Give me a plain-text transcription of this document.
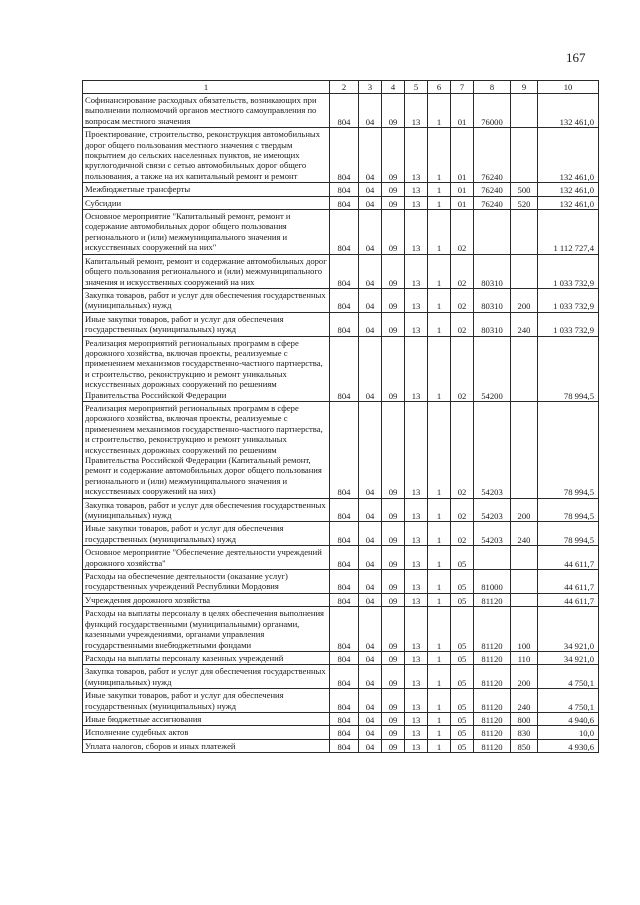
167
1	2	3	4	5	6	7	8	9	10
Софинансирование расходных обязательств, возникающих при выполнении полномочий органов местного самоуправления по вопросам местного значения	804	04	09	13	1	01	76000		132 461,0
Проектирование, строительство, реконструкция автомобильных дорог общего пользования местного значения с твердым покрытием до сельских населенных пунктов, не имеющих круглогодичной связи с сетью автомобильных дорог общего пользования, а также на их капитальный ремонт и ремонт	804	04	09	13	1	01	76240		132 461,0
Межбюджетные трансферты	804	04	09	13	1	01	76240	500	132 461,0
Субсидии	804	04	09	13	1	01	76240	520	132 461,0
Основное мероприятие "Капитальный ремонт, ремонт и содержание автомобильных дорог общего пользования регионального и (или) межмуниципального значения и искусственных сооружений на них"	804	04	09	13	1	02			1 112 727,4
Капитальный ремонт, ремонт и содержание автомобильных дорог общего пользования регионального и (или) межмуниципального значения и искусственных сооружений на них	804	04	09	13	1	02	80310		1 033 732,9
Закупка товаров, работ и услуг для обеспечения государственных (муниципальных) нужд	804	04	09	13	1	02	80310	200	1 033 732,9
Иные закупки товаров, работ и услуг для обеспечения государственных (муниципальных) нужд	804	04	09	13	1	02	80310	240	1 033 732,9
Реализация мероприятий региональных программ в сфере дорожного хозяйства, включая проекты, реализуемые с применением механизмов государственно-частного партнерства, и строительство, реконструкцию и ремонт уникальных искусственных дорожных сооружений по решениям Правительства Российской Федерации	804	04	09	13	1	02	54200		78 994,5
Реализация мероприятий региональных программ в сфере дорожного хозяйства, включая проекты, реализуемые с применением механизмов государственно-частного партнерства, и строительство, реконструкцию и ремонт уникальных искусственных дорожных сооружений по решениям Правительства Российской Федерации (Капитальный ремонт, ремонт и содержание автомобильных дорог общего пользования регионального и (или) межмуниципального значения и искусственных сооружений на них)	804	04	09	13	1	02	54203		78 994,5
Закупка товаров, работ и услуг для обеспечения государственных (муниципальных) нужд	804	04	09	13	1	02	54203	200	78 994,5
Иные закупки товаров, работ и услуг для обеспечения государственных (муниципальных) нужд	804	04	09	13	1	02	54203	240	78 994,5
Основное мероприятие "Обеспечение деятельности учреждений дорожного хозяйства"	804	04	09	13	1	05			44 611,7
Расходы на обеспечение деятельности (оказание услуг) государственных учреждений Республики Мордовия	804	04	09	13	1	05	81000		44 611,7
Учреждения дорожного хозяйства	804	04	09	13	1	05	81120		44 611,7
Расходы на выплаты персоналу в целях обеспечения выполнения функций государственными (муниципальными) органами, казенными учреждениями, органами управления государственными внебюджетными фондами	804	04	09	13	1	05	81120	100	34 921,0
Расходы на выплаты персоналу казенных учреждений	804	04	09	13	1	05	81120	110	34 921,0
Закупка товаров, работ и услуг для обеспечения государственных (муниципальных) нужд	804	04	09	13	1	05	81120	200	4 750,1
Иные закупки товаров, работ и услуг для обеспечения государственных (муниципальных) нужд	804	04	09	13	1	05	81120	240	4 750,1
Иные бюджетные ассигнования	804	04	09	13	1	05	81120	800	4 940,6
Исполнение судебных актов	804	04	09	13	1	05	81120	830	10,0
Уплата налогов, сборов и иных платежей	804	04	09	13	1	05	81120	850	4 930,6
